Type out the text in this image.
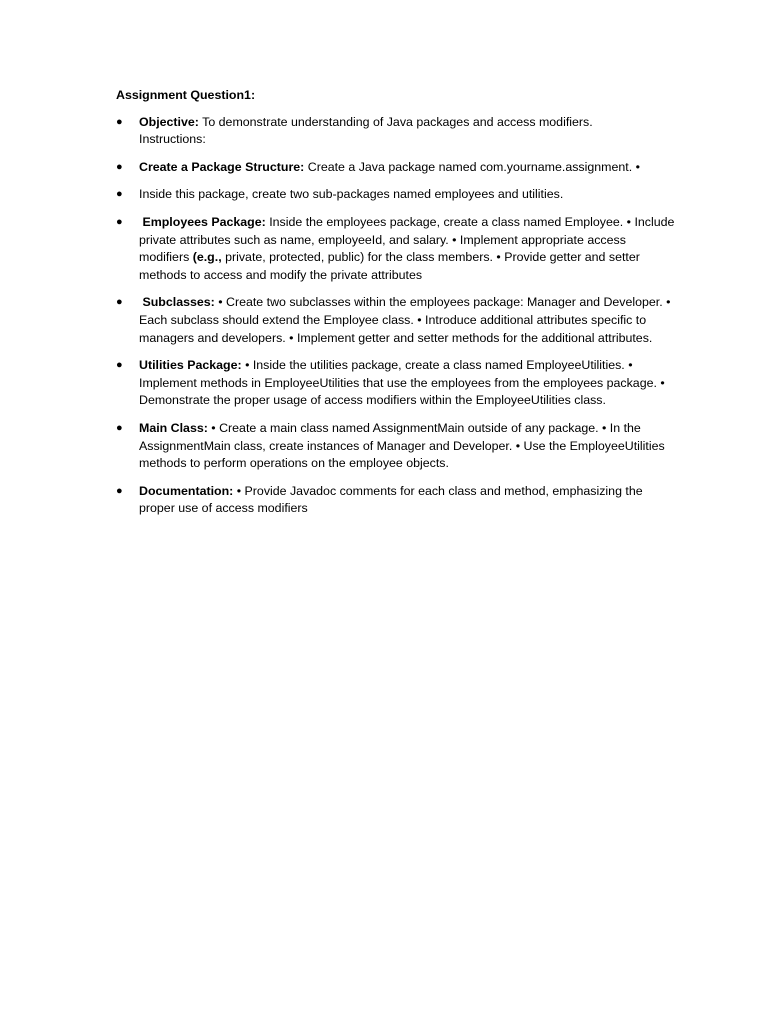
Assignment Question1:
●	Objective: To demonstrate understanding of Java packages and access modifiers.
Instructions:
●	Create a Package Structure: Create a Java package named com.yourname.assignment. •
●	Inside this package, create two sub-packages named employees and utilities.
●	Employees Package: Inside the employees package, create a class named Employee. • Include private attributes such as name, employeeId, and salary. • Implement appropriate access modifiers (e.g., private, protected, public) for the class members. • Provide getter and setter methods to access and modify the private attributes
●	Subclasses: • Create two subclasses within the employees package: Manager and Developer. • Each subclass should extend the Employee class. • Introduce additional attributes specific to managers and developers. • Implement getter and setter methods for the additional attributes.
●	Utilities Package: • Inside the utilities package, create a class named EmployeeUtilities. • Implement methods in EmployeeUtilities that use the employees from the employees package. • Demonstrate the proper usage of access modifiers within the EmployeeUtilities class.
●	Main Class: • Create a main class named AssignmentMain outside of any package. • In the AssignmentMain class, create instances of Manager and Developer. • Use the EmployeeUtilities methods to perform operations on the employee objects.
●	Documentation: • Provide Javadoc comments for each class and method, emphasizing the proper use of access modifiers
